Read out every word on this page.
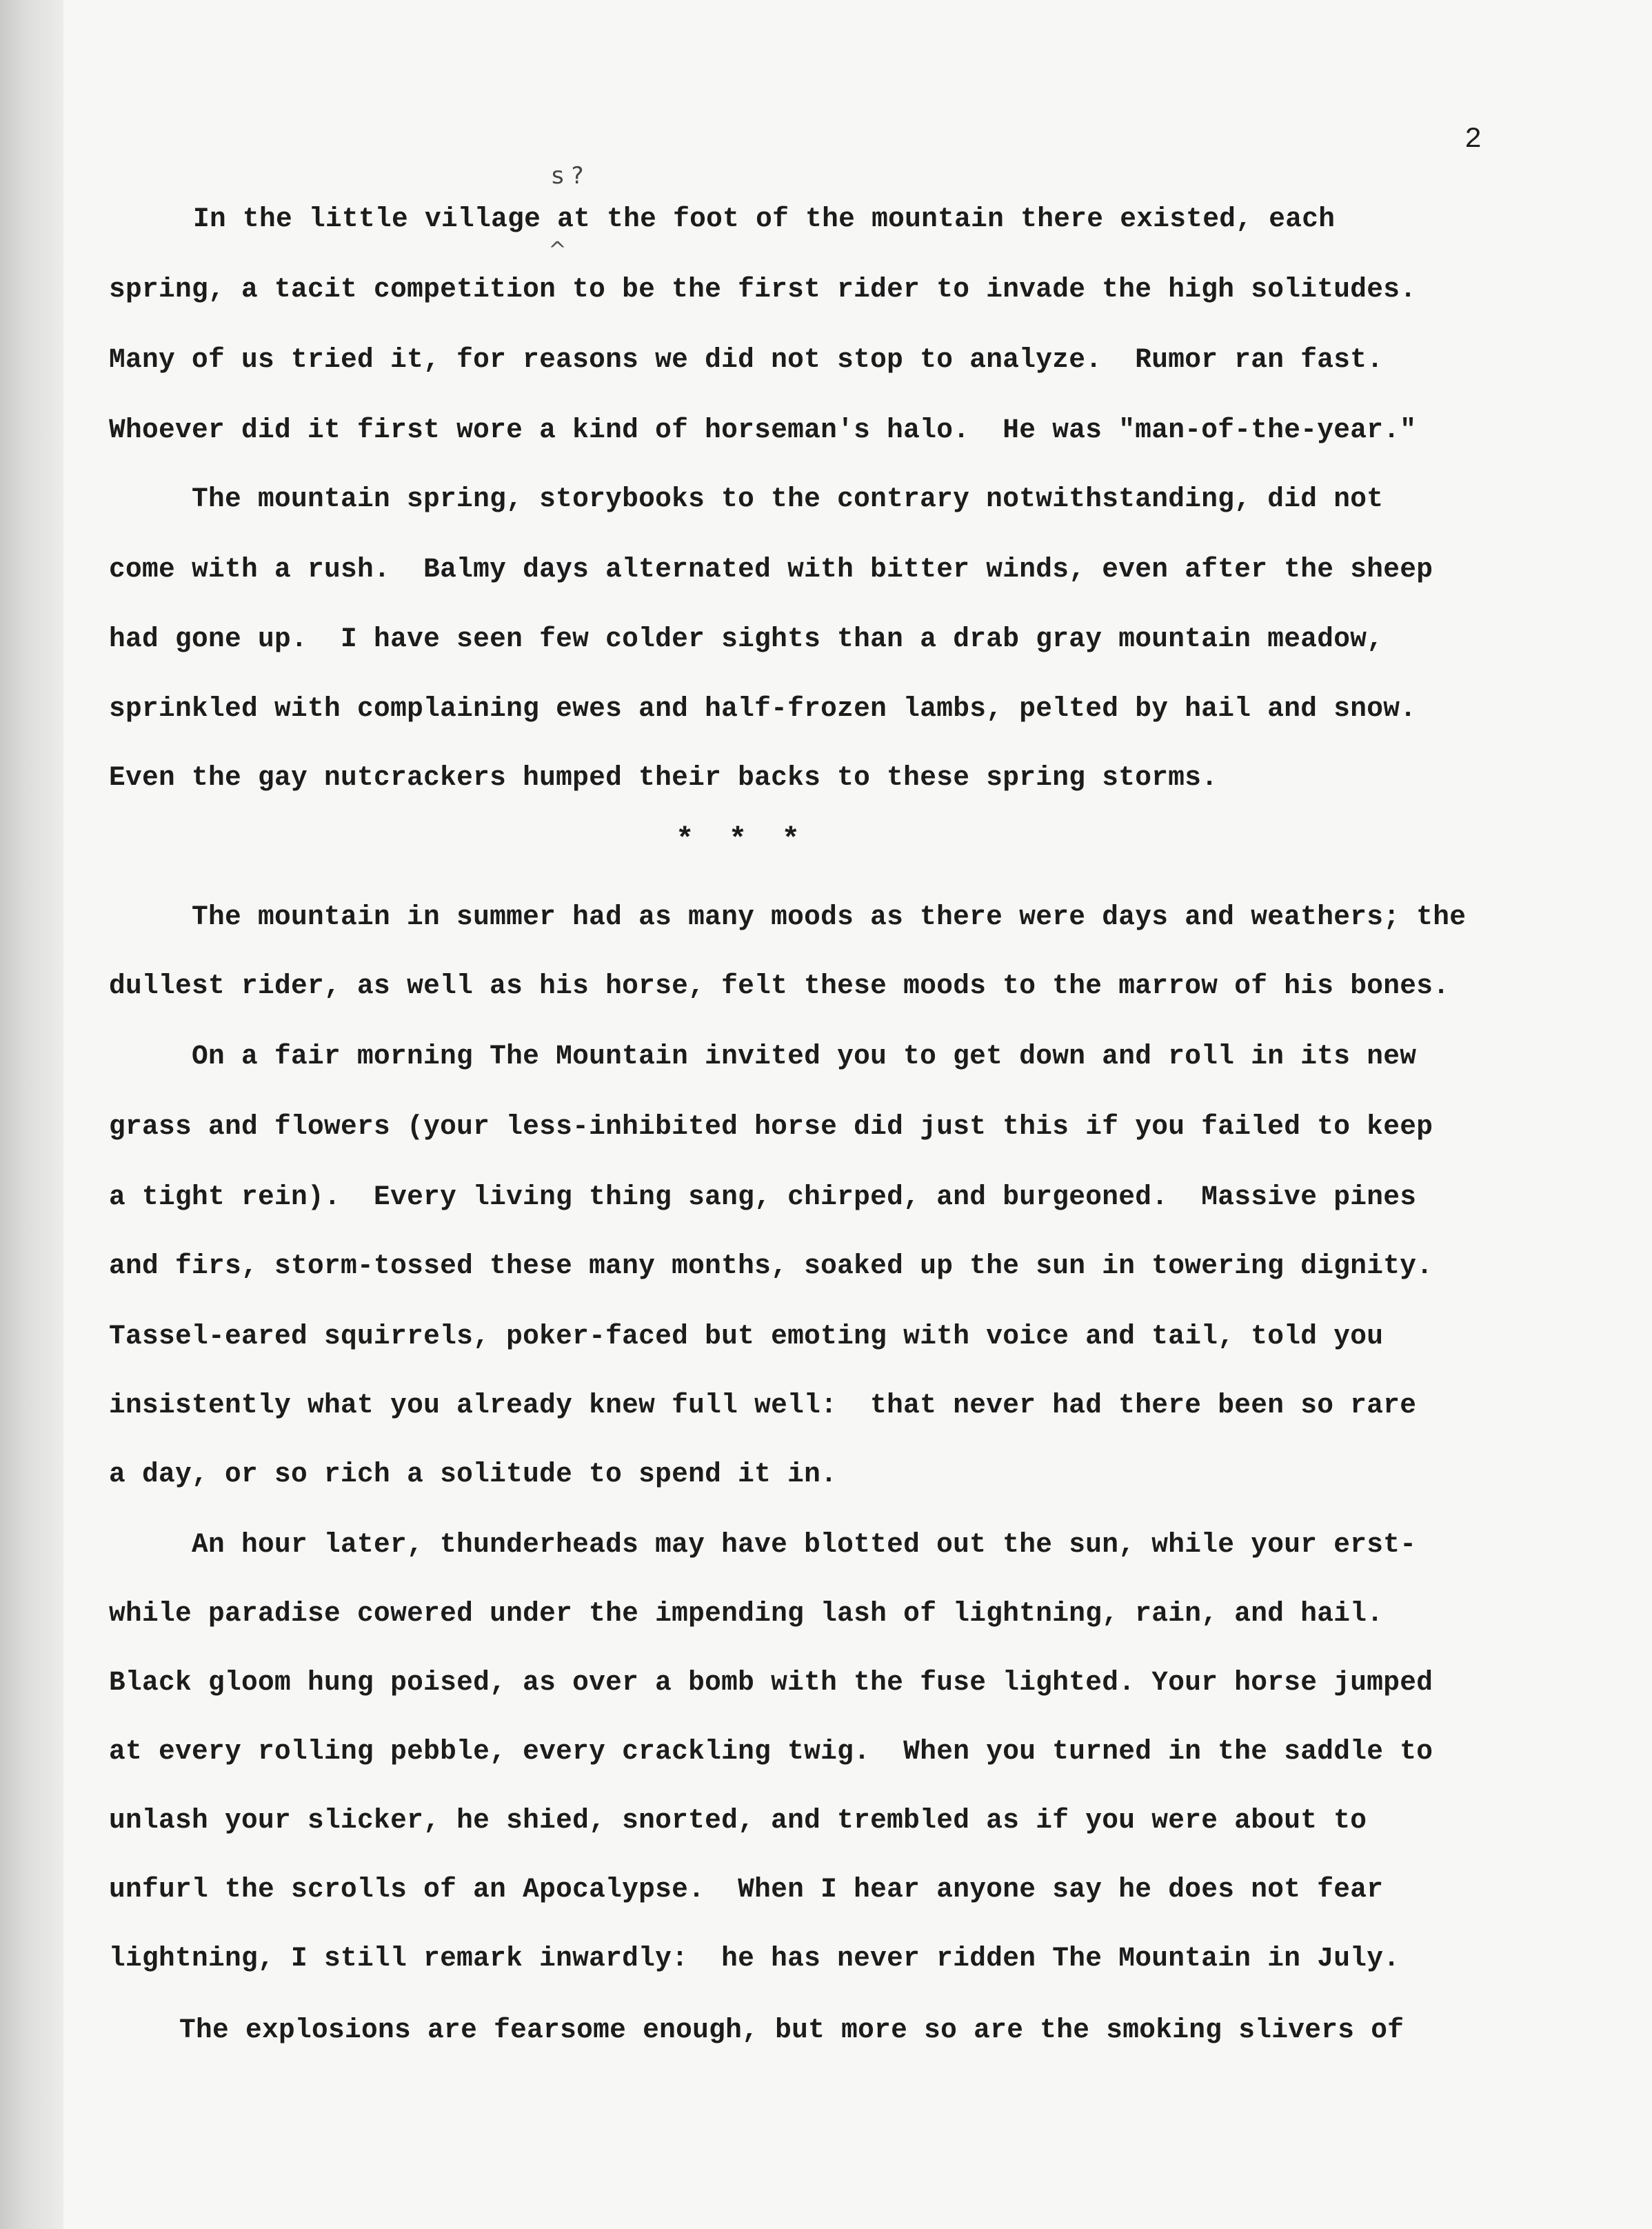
2
s ?
^
In the little village at the foot of the mountain there existed, each
spring, a tacit competition to be the first rider to invade the high solitudes.
Many of us tried it, for reasons we did not stop to analyze.  Rumor ran fast.
Whoever did it first wore a kind of horseman's halo.  He was "man-of-the-year."
The mountain spring, storybooks to the contrary notwithstanding, did not
come with a rush.  Balmy days alternated with bitter winds, even after the sheep
had gone up.  I have seen few colder sights than a drab gray mountain meadow,
sprinkled with complaining ewes and half-frozen lambs, pelted by hail and snow.
Even the gay nutcrackers humped their backs to these spring storms.
* * *
The mountain in summer had as many moods as there were days and weathers; the
dullest rider, as well as his horse, felt these moods to the marrow of his bones.
On a fair morning The Mountain invited you to get down and roll in its new
grass and flowers (your less-inhibited horse did just this if you failed to keep
a tight rein).  Every living thing sang, chirped, and burgeoned.  Massive pines
and firs, storm-tossed these many months, soaked up the sun in towering dignity.
Tassel-eared squirrels, poker-faced but emoting with voice and tail, told you
insistently what you already knew full well:  that never had there been so rare
a day, or so rich a solitude to spend it in.
An hour later, thunderheads may have blotted out the sun, while your erst-
while paradise cowered under the impending lash of lightning, rain, and hail.
Black gloom hung poised, as over a bomb with the fuse lighted. Your horse jumped
at every rolling pebble, every crackling twig.  When you turned in the saddle to
unlash your slicker, he shied, snorted, and trembled as if you were about to
unfurl the scrolls of an Apocalypse.  When I hear anyone say he does not fear
lightning, I still remark inwardly:  he has never ridden The Mountain in July.
The explosions are fearsome enough, but more so are the smoking slivers of
